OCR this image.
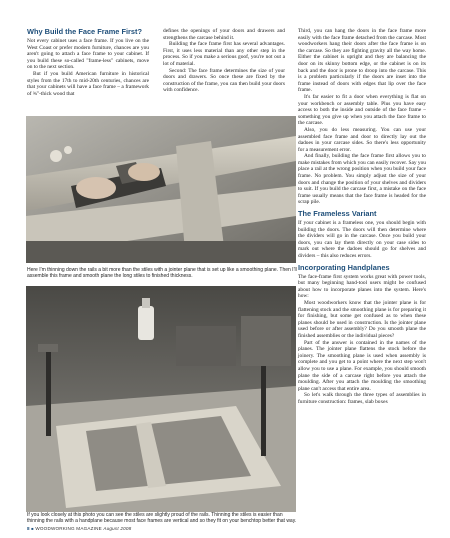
Why Build the Face Frame First?

Not every cabinet uses a face frame. If you live on the West Coast or prefer modern furniture, chances are you aren't going to attach a face frame to your cabinet. If you build these so-called "frame-less" cabinets, move on to the next section.

But if you build American furniture in historical styles from the 17th to mid-20th centuries, chances are that your cabinets will have a face frame – a framework of ¾"-thick wood that

defines the openings of your doors and drawers and strengthens the carcase behind it.

Building the face frame first has several advantages. First, it uses less material than any other step in the process. So if you make a serious goof, you're not out a lot of material.

Second: The face frame determines the size of your doors and drawers. So once these are fixed by the construction of the frame, you can then build your doors with confidence.

Third, you can hang the doors in the face frame more easily with the face frame detached from the carcase. Most woodworkers hang their doors after the face frame is on the carcase. So they are fighting gravity all the way home. Either the cabinet is upright and they are balancing the door on its skinny bottom edge, or the cabinet is on its back and the door is prone to droop into the carcase. This is a problem particularly if the doors are inset into the frame instead of doors with edges that lip over the face frame.

It's far easier to fit a door when everything is flat on your workbench or assembly table. Plus you have easy access to both the inside and outside of the face frame – something you give up when you attach the face frame to the carcase.

Also, you do less measuring. You can use your assembled face frame and door to directly lay out the dadoes in your carcase sides. So there's less opportunity for a measurement error.

And finally, building the face frame first allows you to make mistakes from which you can easily recover. Say you place a rail at the wrong position when you build your face frame. No problem. You simply adjust the size of your doors and change the position of your shelves and dividers to suit. If you build the carcase first, a mistake on the face frame usually means that the face frame is headed for the scrap pile.

The Frameless Variant

If your cabinet is a frameless one, you should begin with building the doors. The doors will then determine where the dividers will go in the carcase. Once you build your doors, you can lay them directly on your case sides to mark out where the dadoes should go for shelves and dividers – this also reduces errors.

Incorporating Handplanes

The face-frame first system works great with power tools, but many beginning hand-tool users might be confused about how to incorporate planes into the system. Here's how:

Most woodworkers know that the jointer plane is for flattening stock and the smoothing plane is for preparing it for finishing, but some get confused as to when these planes should be used in construction. Is the jointer plane used before or after assembly? Do you smooth plane the finished assemblies or the individual pieces?

Part of the answer is contained in the names of the planes. The jointer plane flattens the stock before the joinery. The smoothing plane is used when assembly is complete and you get to a point where the next step won't allow you to use a plane. For example, you should smooth plane the side of a carcase right before you attach the moulding. After you attach the moulding the smoothing plane can't access that entire area.

So let's walk through the three types of assemblies in furniture construction: frames, slab boxes

Here I'm thinning down the rails a bit more than the stiles with a jointer plane that is set up like a smoothing plane. Then I'll assemble this frame and smooth plane the long stiles to finished thickness.
If you look closely at this photo you can see the stiles are slightly proud of the rails. Thinning the stiles is easier than thinning the rails with a handplane because most face frames are vertical and so they fit on your benchtop better that way.
8 ■ WOODWORKING MAGAZINE August 2008
